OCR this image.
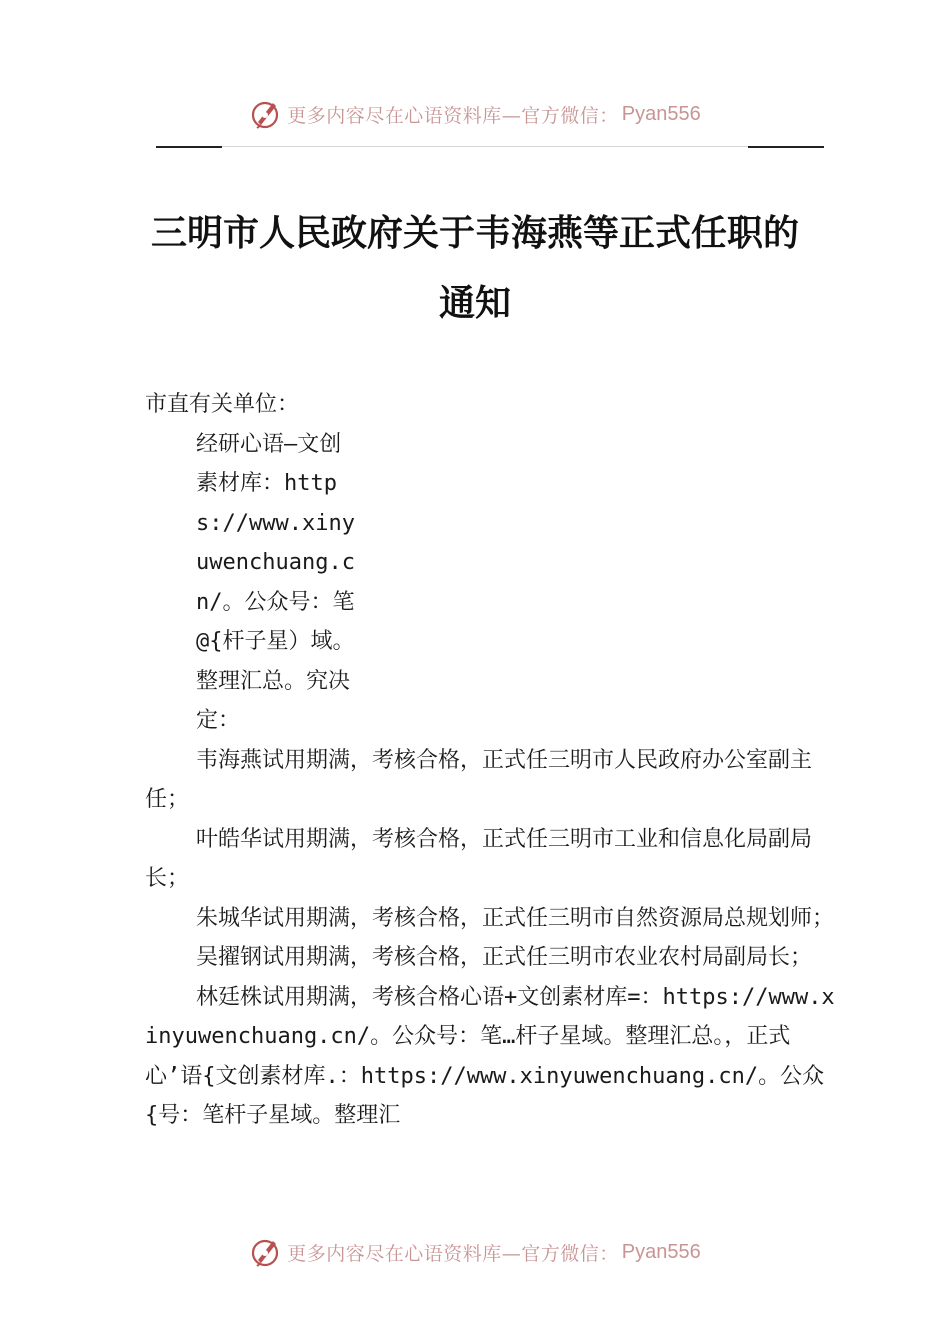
更多内容尽在心语资料库—官方微信： Pyan556
三明市人民政府关于韦海燕等正式任职的
通知

市直有关单位：

经研心语—文创素材库：https://www.xinyuwenchuang.cn/。公众号：笔@{杆子星）域。整理汇总。究决定：

韦海燕试用期满，考核合格，正式任三明市人民政府办公室副主任；

叶皓华试用期满，考核合格，正式任三明市工业和信息化局副局长；

朱城华试用期满，考核合格，正式任三明市自然资源局总规划师；

吴擢钢试用期满，考核合格，正式任三明市农业农村局副局长；

林廷株试用期满，考核合格心语+文创素材库=：https://www.xinyuwenchuang.cn/。公众号：笔…杆子星域。整理汇总。，正式心’语{文创素材库.：https://www.xinyuwenchuang.cn/。公众{号：笔杆子星域。整理汇

更多内容尽在心语资料库—官方微信： Pyan556
